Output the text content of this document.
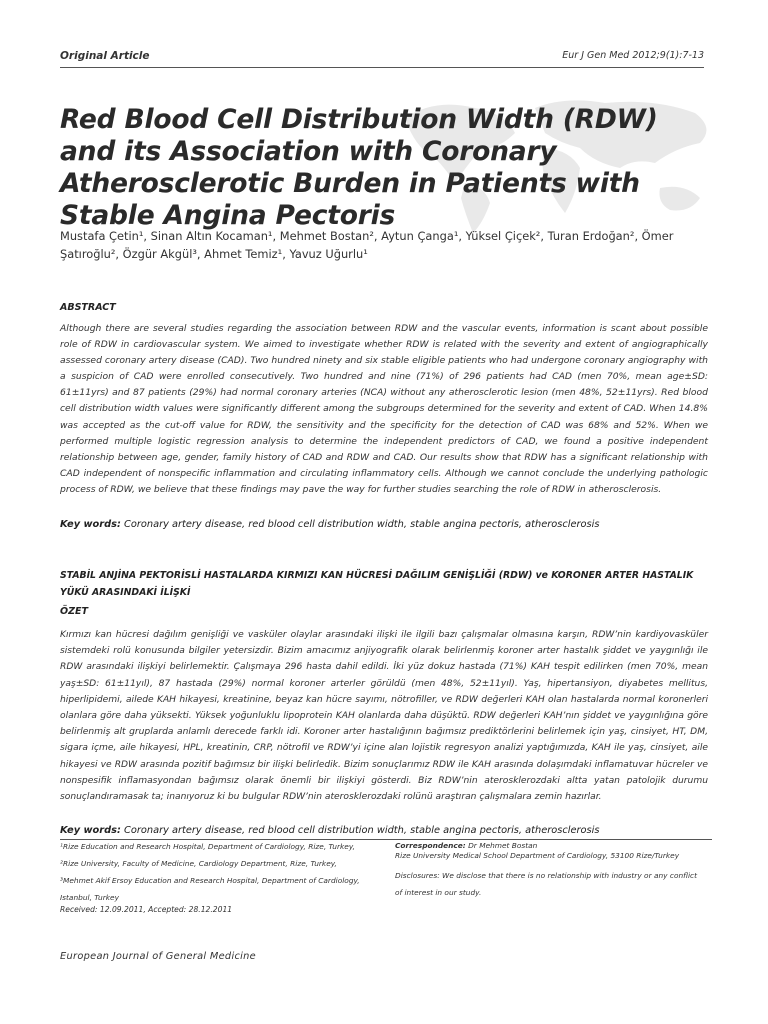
Original Article	Eur J Gen Med 2012;9(1):7-13
Red Blood Cell Distribution Width (RDW) and its Association with Coronary Atherosclerotic Burden in Patients with Stable Angina Pectoris

Mustafa Çetin¹, Sinan Altın Kocaman¹, Mehmet Bostan², Aytun Çanga¹, Yüksel Çiçek², Turan Erdoğan², Ömer Şatıroğlu², Özgür Akgül³, Ahmet Temiz¹, Yavuz Uğurlu¹

ABSTRACT

Although there are several studies regarding the association between RDW and the vascular events, information is scant about possible role of RDW in cardiovascular system. We aimed to investigate whether RDW is related with the severity and extent of angiographically assessed coronary artery disease (CAD). Two hundred ninety and six stable eligible patients who had undergone coronary angiography with a suspicion of CAD were enrolled consecutively. Two hundred and nine (71%) of 296 patients had CAD (men 70%, mean age±SD: 61±11yrs) and 87 patients (29%) had normal coronary arteries (NCA) without any atherosclerotic lesion (men 48%, 52±11yrs). Red blood cell distribution width values were significantly different among the subgroups determined for the severity and extent of CAD. When 14.8% was accepted as the cut-off value for RDW, the sensitivity and the specificity for the detection of CAD was 68% and 52%. When we performed multiple logistic regression analysis to determine the independent predictors of CAD, we found a positive independent relationship between age, gender, family history of CAD and RDW and CAD. Our results show that RDW has a significant relationship with CAD independent of nonspecific inflammation and circulating inflammatory cells. Although we cannot conclude the underlying pathologic process of RDW, we believe that these findings may pave the way for further studies searching the role of RDW in atherosclerosis.

Key words: Coronary artery disease, red blood cell distribution width, stable angina pectoris, atherosclerosis
STABİL ANJİNA PEKTORİSLİ HASTALARDA KIRMIZI KAN HÜCRESİ DAĞILIM GENİŞLİĞİ (RDW) ve KORONER ARTER HASTALIK YÜKÜ ARASINDAKİ İLİŞKİ
ÖZET

Kırmızı kan hücresi dağılım genişliği ve vasküler olaylar arasındaki ilişki ile ilgili bazı çalışmalar olmasına karşın, RDW’nin kardiyovasküler sistemdeki rolü konusunda bilgiler yetersizdir. Bizim amacımız anjiyografik olarak belirlenmiş koroner arter hastalık şiddet ve yaygınlığı ile RDW arasındaki ilişkiyi belirlemektir. Çalışmaya 296 hasta dahil edildi. İki yüz dokuz hastada (71%) KAH tespit edilirken (men 70%, mean yaş±SD: 61±11yıl), 87 hastada (29%) normal koroner arterler görüldü (men 48%, 52±11yıl). Yaş, hipertansiyon, diyabetes mellitus, hiperlipidemi, ailede KAH hikayesi, kreatinine, beyaz kan hücre sayımı, nötrofiller, ve RDW değerleri KAH olan hastalarda normal koronerleri olanlara göre daha yüksekti. Yüksek yoğunluklu lipoprotein KAH olanlarda daha düşüktü. RDW değerleri KAH’nın şiddet ve yaygınlığına göre belirlenmiş alt gruplarda anlamlı derecede farklı idi. Koroner arter hastalığının bağımsız prediktörlerini belirlemek için yaş, cinsiyet, HT, DM, sigara içme, aile hikayesi, HPL, kreatinin, CRP, nötrofil ve RDW’yi içine alan lojistik regresyon analizi yaptığımızda, KAH ile yaş, cinsiyet, aile hikayesi ve RDW arasında pozitif bağımsız bir ilişki belirledik. Bizim sonuçlarımız RDW ile KAH arasında dolaşımdaki inflamatuvar hücreler ve nonspesifik inflamasyondan bağımsız olarak önemli bir ilişkiyi gösterdi. Biz RDW’nin aterosklerozdaki altta yatan patolojik durumu sonuçlandıramasak ta; inanıyoruz ki bu bulgular RDW’nin aterosklerozdaki rolünü araştıran çalışmalara zemin hazırlar.

Key words: Coronary artery disease, red blood cell distribution width, stable angina pectoris, atherosclerosis

¹Rize Education and Research Hospital, Department of Cardiology, Rize, Turkey,

²Rize University, Faculty of Medicine, Cardiology Department, Rize, Turkey,

³Mehmet Akif Ersoy Education and Research Hospital, Department of Cardiology,

Istanbul, Turkey

Correspondence: Dr Mehmet Bostan

Rize University Medical School Department of Cardiology, 53100 Rize/Turkey

Disclosures: We disclose that there is no relationship with industry or any conflict

of interest in our study.

Received: 12.09.2011, Accepted: 28.12.2011
European Journal of General Medicine
